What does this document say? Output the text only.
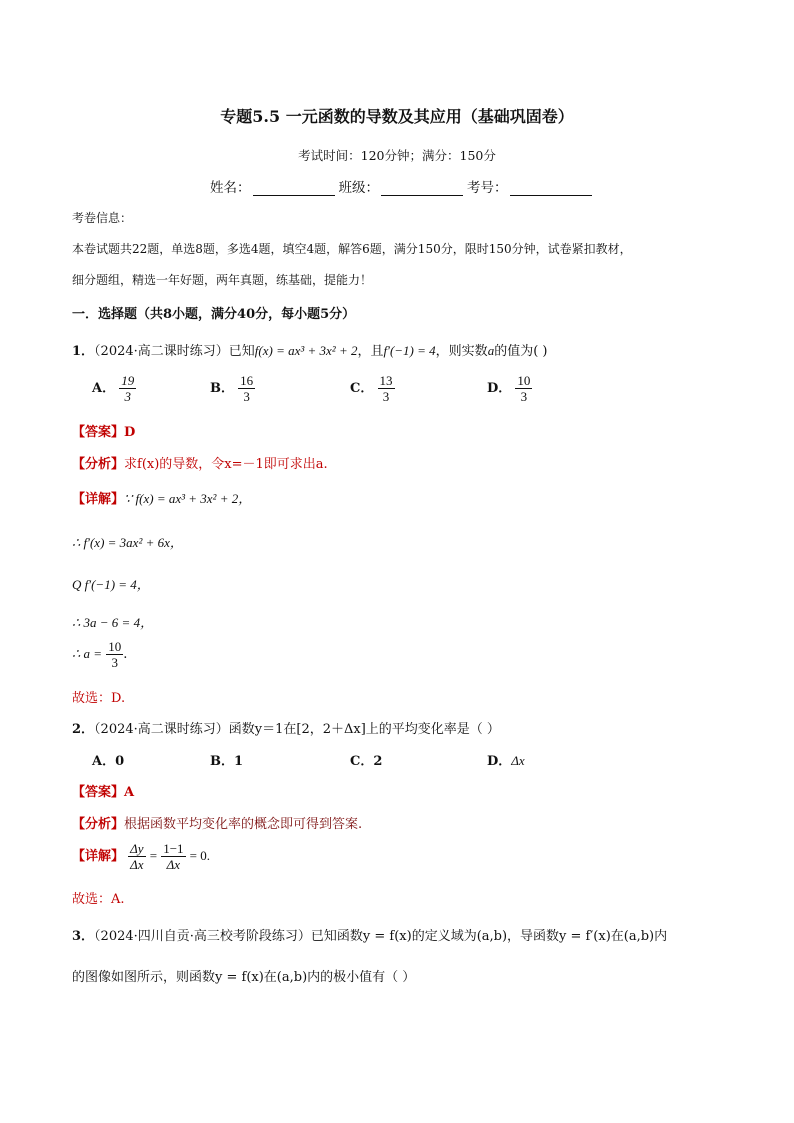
专题5.5 一元函数的导数及其应用（基础巩固卷）
考试时间：120分钟；满分：150分
姓名：	班级：	考号：
考卷信息：
本卷试题共22题，单选8题，多选4题，填空4题，解答6题，满分150分，限时150分钟，试卷紧扣教材，
细分题组，精选一年好题，两年真题，练基础，提能力！
一．选择题（共8小题，满分40分，每小题5分）
1．（2024·高二课时练习）已知f(x) = ax³ + 3x² + 2，且f′(−1) = 4，则实数a的值为( )
A． $\frac{19}{3}$	B． $\frac{16}{3}$	C． $\frac{13}{3}$	D． $\frac{10}{3}$
【答案】D
【分析】求f(x)的导数，令x=－1即可求出a.
【详解】∵ f(x) = ax³ + 3x² + 2，
∴ f′(x) = 3ax² + 6x，
Q f′(−1) = 4，
∴ 3a − 6 = 4，
∴ $a = \frac{10}{3}$ .
故选：D.
2．（2024·高二课时练习）函数y＝1在[2，2＋Δx]上的平均变化率是（ ）
A．0	B．1	C．2	D．Δx
【答案】A
【分析】根据函数平均变化率的概念即可得到答案.
【详解】 $\frac{\Delta y}{\Delta x} = \frac{1-1}{\Delta x} = 0$.
故选：A.
3．（2024·四川自贡·高三校考阶段练习）已知函数y = f(x)的定义域为(a,b)，导函数y = f′(x)在(a,b)内
的图像如图所示，则函数y = f(x)在(a,b)内的极小值有（ ）
